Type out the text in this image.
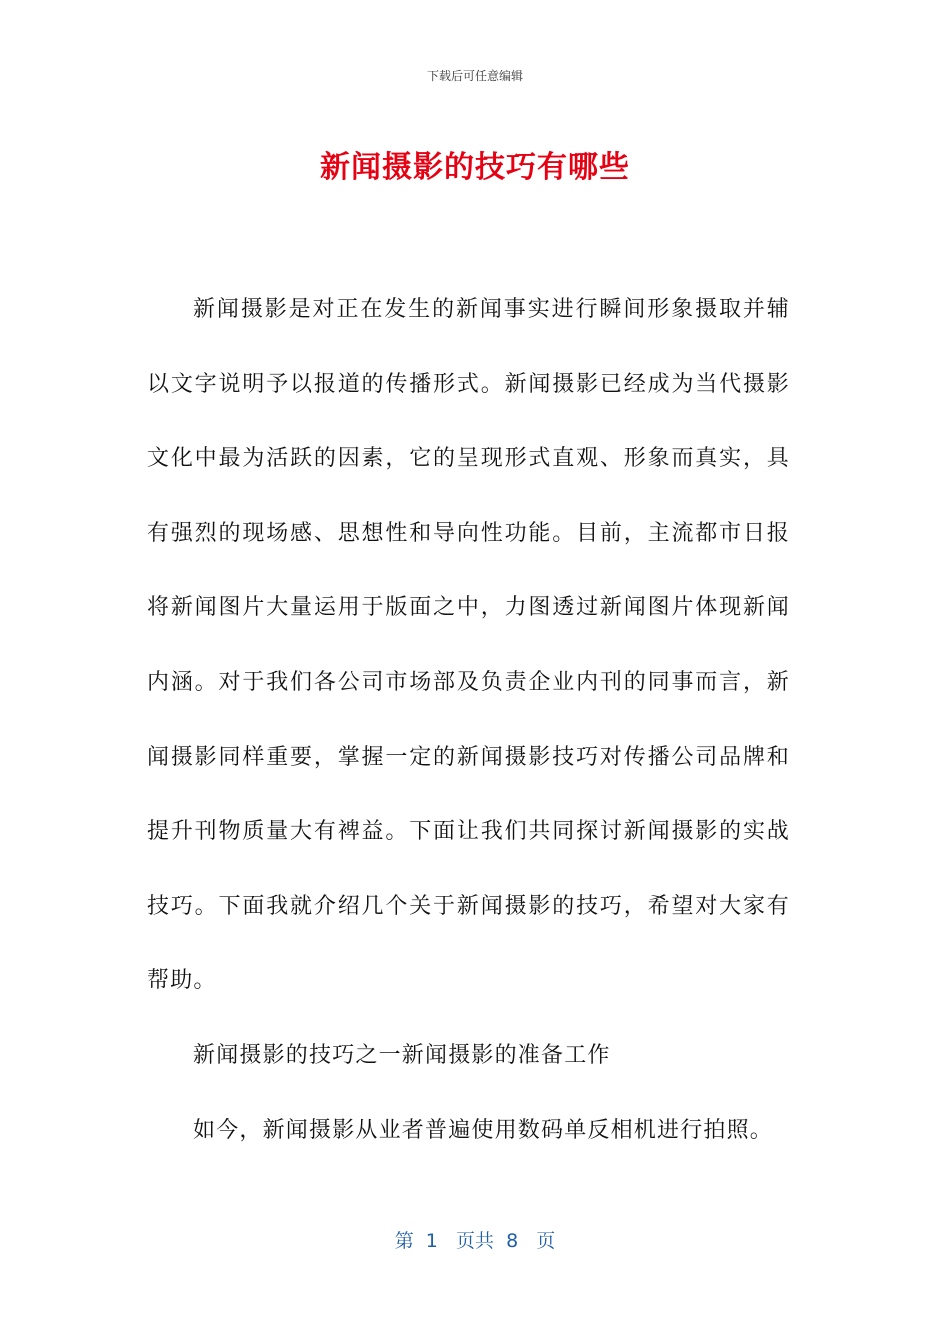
下载后可任意编辑
新闻摄影的技巧有哪些

新闻摄影是对正在发生的新闻事实进行瞬间形象摄取并辅以文字说明予以报道的传播形式。新闻摄影已经成为当代摄影文化中最为活跃的因素，它的呈现形式直观、形象而真实，具有强烈的现场感、思想性和导向性功能。目前，主流都市日报将新闻图片大量运用于版面之中，力图透过新闻图片体现新闻内涵。对于我们各公司市场部及负责企业内刊的同事而言，新闻摄影同样重要，掌握一定的新闻摄影技巧对传播公司品牌和提升刊物质量大有裨益。下面让我们共同探讨新闻摄影的实战技巧。下面我就介绍几个关于新闻摄影的技巧，希望对大家有帮助。

新闻摄影的技巧之一新闻摄影的准备工作

如今，新闻摄影从业者普遍使用数码单反相机进行拍照。

第  1   页共  8   页
